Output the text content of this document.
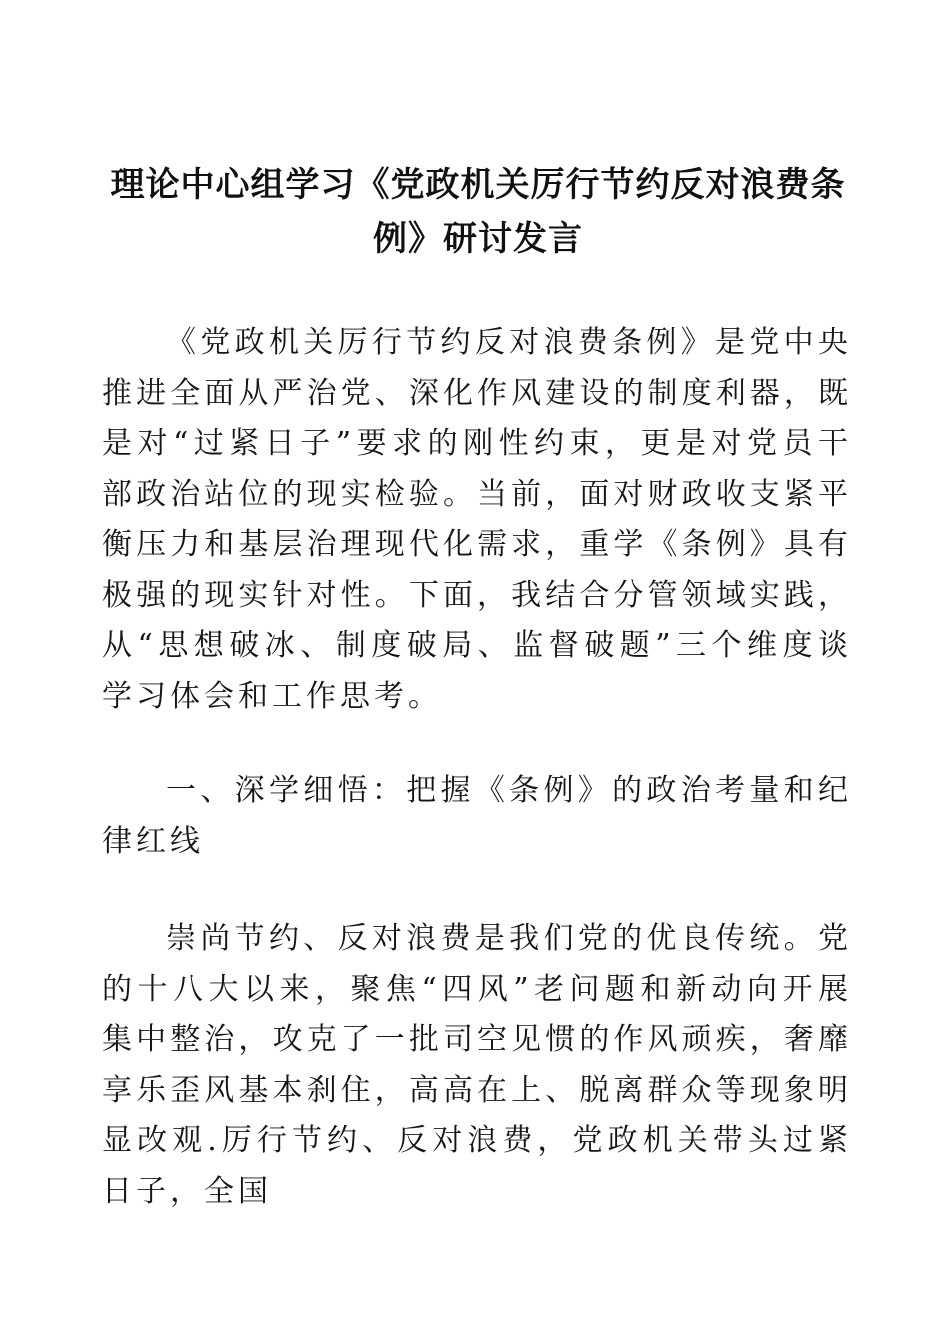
理论中心组学习《党政机关厉行节约反对浪费条例》研讨发言

《党政机关厉行节约反对浪费条例》是党中央推进全面从严治党、深化作风建设的制度利器，既是对“过紧日子”要求的刚性约束，更是对党员干部政治站位的现实检验。当前，面对财政收支紧平衡压力和基层治理现代化需求，重学《条例》具有极强的现实针对性。下面，我结合分管领域实践，从“思想破冰、制度破局、监督破题”三个维度谈学习体会和工作思考。

一、深学细悟：把握《条例》的政治考量和纪律红线

崇尚节约、反对浪费是我们党的优良传统。党的十八大以来，聚焦“四风”老问题和新动向开展集中整治，攻克了一批司空见惯的作风顽疾，奢靡享乐歪风基本刹住，高高在上、脱离群众等现象明显改观.厉行节约、反对浪费，党政机关带头过紧日子，全国
